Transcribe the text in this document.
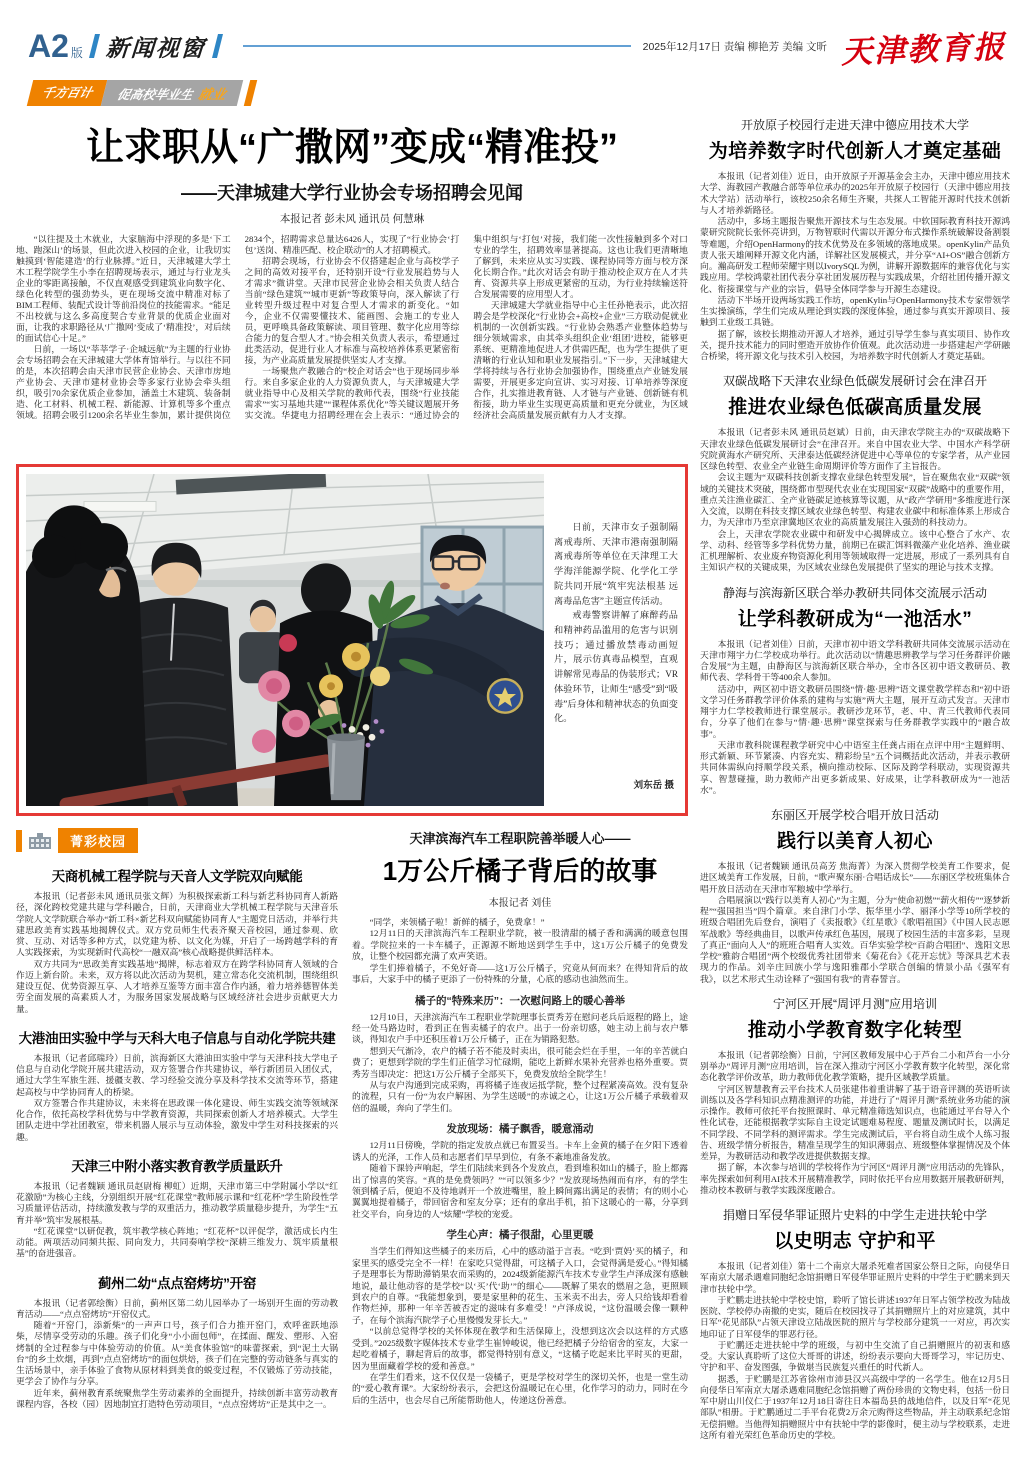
A2 版 新闻视窗	2025年12月17日 责编 柳艳芳 美编 文昕 天津教育报
千方百计	促高校毕业生 就业
让求职从“广撒网”变成“精准投”
——天津城建大学行业协会专场招聘会见闻
本报记者 彭未风 通讯员 何慧琳

“以往提及土木就业，大家脑海中浮现的多是‘下工地、跑深山’的场景，但此次进入校园的企业，让我切实触摸到‘智能建造’的行业脉搏。”近日，天津城建大学土木工程学院学生小李在招聘现场表示，通过与行业龙头企业的零距离接触，不仅直观感受到建筑业向数字化、绿色化转型的强劲势头，更在现场交流中精准对标了BIM工程师、装配式设计等前沿岗位的技能需求。“能足不出校就与这么多高度契合专业背景的优质企业面对面，让我的求职路径从‘广撒网’变成了‘精准投’，对后续的面试信心十足。”

日前，一场以“莘莘学子·企城远航”为主题的行业协会专场招聘会在天津城建大学体育馆举行。与以往不同的是，本次招聘会由天津市民营企业协会、天津市房地产业协会、天津市建材业协会等多家行业协会牵头组织，吸引70余家优质企业参加，涵盖土木建筑、装备制造、化工材料、机械工程、新能源、计算机等多个重点领域。招聘会吸引1200余名毕业生参加，累计提供岗位2834个，招聘需求总量达6426人，实现了“行业协会‘打包’送岗、精准匹配、校企联动”的人才招聘模式。

招聘会现场，行业协会不仅搭建起企业与高校学子之间的高效对接平台，还特别开设“行业发展趋势与人才需求”微讲堂。天津市民营企业协会相关负责人结合当前“绿色建筑”“城市更新”等政策导向，深入解读了行业转型升级过程中对复合型人才需求的新变化。“如今，企业不仅需要懂技术、能画图、会施工的专业人员，更呼唤具备政策解读、项目管理、数字化应用等综合能力的复合型人才。”协会相关负责人表示，希望通过此类活动，促进行业人才标准与高校培养体系更紧密衔接，为产业高质量发展提供坚实人才支撑。

一场聚焦产教融合的“校企对话会”也于现场同步举行。来自多家企业的人力资源负责人，与天津城建大学就业指导中心及相关学院的教师代表，围绕“行业技能需求”“实习基地共建”“课程体系优化”等关键议题展开务实交流。华捷电力招聘经理在会上表示：“通过协会的集中组织与‘打包’对接，我们能一次性接触到多个对口专业的学生，招聘效率显著提高。这也让我们更清晰地了解到，未来应从实习实践、课程协同等方面与校方深化长期合作。”此次对话会有助于推动校企双方在人才共育、资源共享上形成更紧密的互动，为行业持续输送符合发展需要的应用型人才。

天津城建大学就业指导中心主任孙艳表示，此次招聘会是学校深化“行业协会+高校+企业”三方联动促就业机制的一次创新实践。“行业协会熟悉产业整体趋势与细分领域需求，由其牵头组织企业‘组团’进校，能够更系统、更精准地促进人才供需匹配，也为学生提供了更清晰的行业认知和职业发展指引。”下一步，天津城建大学将持续与各行业协会加强协作，围绕重点产业链发展需要，开展更多定向宣讲、实习对接、订单培养等深度合作，扎实推进教育链、人才链与产业链、创新链有机衔接，助力毕业生实现更高质量和更充分就业，为区域经济社会高质量发展贡献有力人才支撑。

日前，天津市女子强制隔离戒毒所、天津市港南强制隔离戒毒所等单位在天津理工大学海洋能源学院、化学化工学院共同开展“筑牢宪法根基 远离毒品危害”主题宣传活动。

戒毒警察讲解了麻醉药品和精神药品滥用的危害与识别技巧；通过播放禁毒动画短片，展示仿真毒品模型，直观讲解常见毒品的伪装形式；VR体验环节，让师生“感受”到“吸毒”后身体和精神状态的负面变化。

刘东岳 摄
菁彩校园
天商机械工程学院与天音人文学院双向赋能

本报讯（记者彭未风 通讯员张文辉）为积极探索新工科与新艺科协同育人新路径，深化跨校党建共建与学科融合，日前，天津商业大学机械工程学院与天津音乐学院人文学院联合举办“新工科×新艺科双向赋能协同育人”主题党日活动，并举行共建思政美育实践基地揭牌仪式。双方党员师生代表齐聚天音校园，通过参观、欣赏、互动、对话等多种方式，以党建为桥、以文化为媒，开启了一场跨越学科的育人实践探索，为实现新时代高校“一融双高”核心战略提供鲜活样本。

双方共同为“思政美育实践基地”揭牌，标志着双方在跨学科协同育人领域的合作迈上新台阶。未来，双方将以此次活动为契机，建立常态化交流机制，围绕组织建设互促、优势资源互享、人才培养互鉴等方面丰富合作内涵，着力培养德智体美劳全面发展的高素质人才，为服务国家发展战略与区域经济社会进步贡献更大力量。

大港油田实验中学与天科大电子信息与自动化学院共建

本报讯（记者邱瑞玲）日前，滨海新区大港油田实验中学与天津科技大学电子信息与自动化学院开展共建活动，双方签署合作共建协议，举行新团员入团仪式，通过大学生军旅生涯、援疆支教、学习经验交流分享及科学技术交流等环节，搭建起高校与中学协同育人的桥梁。

双方签署合作共建协议，未来将在思政课一体化建设、师生实践交流等领域深化合作，依托高校学科优势与中学教育资源，共同探索创新人才培养模式。大学生团队走进中学社团教室，带来机器人展示与互动体验，激发中学生对科技探索的兴趣。

天津三中附小落实教育教学质量跃升

本报讯（记者魏颖 通讯员赵尉梅 柳虹）近期，天津市第三中学附属小学以“红花激励”为核心主线，分别组织开展“红花课堂”教师展示课和“红花杯”学生阶段性学习质量评估活动，持续激发教与学的双重活力，推动教学质量稳步提升，为学生“五育并举”筑牢发展根基。

“红花课堂”以研促教，筑牢教学核心阵地；“红花杯”以评促学，激活成长内生动能。两项活动同频共振、同向发力，共同奏响学校“深耕三维发力、筑牢质量根基”的奋进强音。

蓟州二幼“点点窑烤坊”开窑

本报讯（记者郭绘衡）日前，蓟州区第二幼儿园举办了一场别开生面的劳动教育活动——“点点窑烤坊”开窑仪式。

随着“开窑门，添新柴”的一声声口号，孩子们合力推开窑门，欢呼雀跃地添柴，尽情享受劳动的乐趣。孩子们化身“小小面包师”，在揉面、醒发、塑形、入窑烤制的全过程参与中体验劳动的价值。从“美食体验馆”的味蕾探索，到“泥土大锅台”的乡土炊烟，再到“点点窑烤坊”的面包烘焙，孩子们在完整的劳动链条与真实的生活场景中，亲手体验了食物从原材料到美食的蜕变过程，不仅锻炼了劳动技能，更学会了协作与分享。

近年来，蓟州教育系统聚焦学生劳动素养的全面提升，持续创新丰富劳动教育课程内容，各校（园）因地制宜打造特色劳动项目，“点点窑烤坊”正是其中之一。

天津滨海汽车工程职院善举暖人心——
1万公斤橘子背后的故事
本报记者 刘佳

“同学，来领橘子啦！新鲜的橘子，免费拿！”

12月11日的天津滨海汽车工程职业学院，被一股清甜的橘子香和满满的暖意包围着。学院拉来的一卡车橘子，正源源不断地送到学生手中，这1万公斤橘子的免费发放，让整个校园都充满了欢声笑语。

学生们捧着橘子，不免好奇——这1万公斤橘子，究竟从何而来？在得知背后的故事后，大家手中的橘子更添了一份特殊的分量，心底的感动也油然而生。

橘子的“特殊来历”：一次慰问路上的暖心善举

12月10日，天津滨海汽车工程职业学院理事长贾秀芳在慰问老兵后返程的路上，途经一处马路边时，看到正在售卖橘子的农户。出于一份亲切感，她主动上前与农户攀谈，得知农户手中还积压着1万公斤橘子，正在为销路犯愁。

想到天气渐冷，农户的橘子若不能及时卖出，很可能会烂在手里，一年的辛苦就白费了；更想到学院的学生们正值学习忙碌期，能吃上新鲜水果补充营养也格外重要。贾秀芳当即决定：把这1万公斤橘子全部买下，免费发放给全院学生！

从与农户沟通到完成采购，再将橘子连夜运抵学院，整个过程紧凑高效。没有复杂的流程，只有一份“为农户解困、为学生送暖”的赤诚之心，让这1万公斤橘子承载着双倍的温暖，奔向了学生们。

发放现场：橘子飘香，暖意涌动

12月11日傍晚，学院的指定发放点就已布置妥当。卡车上金黄的橘子在夕阳下透着诱人的光泽，工作人员和志愿者们早早到位，有条不紊地准备发放。

随着下课铃声响起，学生们陆续来到各个发放点，看到堆积如山的橘子，脸上都露出了惊喜的笑容。“真的是免费领吗？”“可以领多少？”发放现场热闹而有序，有的学生领到橘子后，便迫不及待地剥开一个放进嘴里，脸上瞬间露出满足的表情；有的则小心翼翼地提着橘子，带回宿舍和室友分享；还有的拿出手机，拍下这暖心的一幕，分享到社交平台，向身边的人“炫耀”学校的宠爱。

学生心声：橘子很甜，心里更暖

当学生们得知这些橘子的来历后，心中的感动溢于言表。“吃到‘贾妈’买的橘子，和家里买的感受完全不一样！在家吃只觉得甜，可这橘子入口，会觉得满是爱心。”得知橘子是理事长为帮助滞销果农而采购的，2024级新能源汽车技术专业学生卢泽成深有感触地说，最让他动容的是学校“以‘买’代‘助’”的细心——既解了果农的燃眉之急，更照顾到农户的自尊。“我能想象到，要是家里种的花生、玉米卖不出去，旁人只给钱却看着作物烂掉，那种一年辛苦被否定的滋味有多难受！”卢泽成说，“这份温暖会像一颗种子，在每个滨海汽院学子心里慢慢发芽长大。”

“以前总觉得学校的关怀体现在教学和生活保障上，没想到这次会以这样的方式感受到。”2025级数字媒体技术专业学生崔钟峻说，他已经把橘子分给宿舍的室友，大家一起吃着橘子，聊起背后的故事，都觉得特别有意义，“这橘子吃起来比平时买的更甜，因为里面藏着学校的爱和善意。”

在学生们看来，这不仅仅是一袋橘子，更是学校对学生的深切关怀，也是一堂生动的“爱心教育课”。大家纷纷表示，会把这份温暖记在心里，化作学习的动力，同时在今后的生活中，也会尽自己所能帮助他人，传递这份善意。

开放原子校园行走进天津中德应用技术大学
为培养数字时代创新人才奠定基础

本报讯（记者刘佳）近日，由开放原子开源基金会主办，天津中德应用技术大学、海教园产教融合部等单位承办的2025年开放原子校园行（天津中德应用技术大学站）活动举行，该校250余名师生齐聚，共探人工智能开源时代技术创新与人才培养新路径。

活动中，多场主题报告聚焦开源技术与生态发展。中软国际教育科技开源鸿蒙研究院院长张怀亮讲到，万物智联时代需以开源分布式操作系统破解设备割裂等难题，介绍OpenHarmony的技术优势及在多领域的落地成果。openKylin产品负责人张天雄阐释开源文化内涵，详解社区发展模式，并分享“AI+OS”融合创新方向。瀚高研发工程师荣耀宇则以IvorySQL为例，讲解开源数据库的兼容优化与实践应用。学校鸿蒙社团代表分享社团发展历程与实践成果，介绍社团传播开源文化、衔接课堂与产业的宗旨，倡导全体同学参与开源生态建设。

活动下半场开设两场实践工作坊，openKylin与OpenHarmony技术专家带领学生实操演练，学生们完成从理论到实践的深度体验，通过参与真实开源项目、接触到工业级工具链。

据了解，该校长期推动开源人才培养，通过引导学生参与真实项目、协作攻关，提升技术能力的同时塑造开放协作价值观。此次活动进一步搭建起产学研融合桥梁，将开源文化与技术引入校园，为培养数字时代创新人才奠定基础。

双碳战略下天津农业绿色低碳发展研讨会在津召开
推进农业绿色低碳高质量发展

本报讯（记者彭未风 通讯员赵斌）日前，由天津农学院主办的“双碳战略下天津农业绿色低碳发展研讨会”在津召开。来自中国农业大学、中国水产科学研究院黄海水产研究所、天津泰达低碳经济促进中心等单位的专家学者，从产业园区绿色转型、农业全产业链生命周期评价等方面作了主旨报告。

会议主题为“双碳科技创新支撑农业绿色转型发展”，旨在聚焦农业“双碳”领域的关键技术突破，围绕都市型现代农业在实现国家“双碳”战略中的重要作用，重点关注渔业碳汇、全产业链碳足迹核算等议题，从“政产学研用”多维度进行深入交流，以期在科技支撑区域农业绿色转型、构建农业碳中和标准体系上形成合力，为天津市乃至京津冀地区农业的高质量发展注入强劲的科技动力。

会上，天津农学院农业碳中和研发中心揭牌成立。该中心整合了水产、农学、动科、经管等多学科优势力量，前期已在碳汇饵料微藻产业化培养、渔业碳汇机理解析、农业废弃物资源化利用等领域取得一定进展，形成了一系列具有自主知识产权的关键成果，为区域农业绿色发展提供了坚实的理论与技术支撑。

静海与滨海新区联合举办教研共同体交流展示活动
让学科教研成为“一池活水”

本报讯（记者刘佳）日前，天津市初中语文学科教研共同体交流展示活动在天津市翔宇力仁学校成功举行。此次活动以“情趣思辨教学与学习任务群评价融合发展”为主题，由静海区与滨海新区联合举办，全市各区初中语文教研员、教师代表、学科骨干等400余人参加。

活动中，两区初中语文教研员围绕“情·趣·思辨”语文课堂教学样态和“初中语文学习任务群教学评价体系的建构与实施”两大主题，展开互动式发言。天津市翔宇力仁学校教师进行课堂展示。教研沙龙环节，老、中、青三代教师代表同台，分享了他们在参与“情·趣·思辨”课堂探索与任务群教学实践中的“融合故事”。

天津市教科院课程教学研究中心中语室主任龚占雨在点评中用“主题鲜明、形式新颖、环节紧凑、内容充实、精彩纷呈”五个词概括此次活动，并表示教研共同体需纵向捋顺学段关系，横向推动校际、区际及跨学科联动，实现资源共享、智慧碰撞，助力教师产出更多新成果、好成果，让学科教研成为“一池活水”。

东丽区开展学校合唱开放日活动
践行以美育人初心

本报讯（记者魏颖 通讯员高芳 焦海菁）为深入贯彻学校美育工作要求，促进区域美育工作发展，日前，“歌声聚东丽·合唱话成长”——东丽区学校班集体合唱开放日活动在天津市军粮城中学举行。

合唱展演以“践行以美育人初心”为主题，分为“使命初燃”“薪火相传”“逐梦新程”“强国担当”四个篇章。来自津门小学、振华里小学、丽泽小学等10所学校的班级合唱团先后登台，演唱了《卖报歌》《红星歌》《歌唱祖国》《中国人民志愿军战歌》等经典曲目，以歌声传承红色基因，展现了校园生活的丰富多彩，呈现了真正“面向人人”的班班合唱育人实效。百华实验学校“百韵合唱团”、逸阳文思学校“雅韵合唱团”两个校级优秀社团带来《菊花台》《花开忘忧》等深具艺术表现力的作品。刘辛庄回族小学与逸阳雅郡小学联合创编的情景小品《强军有我》，以艺术形式生动诠释了“强国有我”的青春誓言。

宁河区开展“周评月测”应用培训
推动小学教育数字化转型

本报讯（记者郭绘衡）日前，宁河区教师发展中心于芦台二小和芦台一小分别举办“周评月测”应用培训，旨在深入推动宁河区小学教育数字化转型，深化常态化教学评价改革，助力教师优化教学策略，提升区域教学质量。

宁河区智慧教育云平台技术人员张建伟着重讲解了基于语音评测的英语听读训练以及各学科知识点精准测评的功能，并进行了“周评月测”系统业务功能的演示操作。教师可依托平台按照课时、单元精准筛选知识点，也能通过平台导入个性化试卷，还能根据教学实际自主设定试题难易程度、题量及测试时长，以满足不同学段、不同学科的测评需求。学生完成测试后，平台将自动生成个人练习报告、班级学情分析报告，精准呈现学生的知识薄弱点、班级整体掌握情况及个体差异，为教研活动和教学改进提供数据支撑。

据了解，本次参与培训的学校将作为宁河区“周评月测”应用活动的先锋队，率先探索如何利用AI技术开展精准教学，同时依托平台应用数据开展教研研判，推动校本教研与教学实践深度融合。

捐赠日军侵华罪证照片史料的中学生走进扶轮中学
以史明志 守护和平

本报讯（记者刘佳）第十二个南京大屠杀死难者国家公祭日之际，向侵华日军南京大屠杀遇难同胞纪念馆捐赠日军侵华罪证照片史料的中学生于贮鹏来到天津市扶轮中学。

于贮鹏走进扶轮中学校史馆，聆听了馆长讲述1937年日军占领学校改为陆战医院、学校停办南撤的史实，随后在校园找寻了其捐赠照片上的对应建筑，其中日军“花见部队”占领天津设立陆战医院的照片与学校部分建筑一一对应，再次实地印证了日军侵华的罪恶行径。

于贮鹏还走进扶轮中学的班级，与初中生交流了自己捐赠照片的初衷和感受。大家认真聆听了这位大哥哥的讲述，纷纷表示要向大哥哥学习，牢记历史、守护和平、奋发图强，争做堪当民族复兴重任的时代新人。

据悉，于贮鹏是江苏省徐州市沛县汉兴高级中学的一名学生。他在12月5日向侵华日军南京大屠杀遇难同胞纪念馆捐赠了两份珍贵的文物史料，包括一份日军中尉山川仪仁于1937年12月18日寄往日本福岛县的战地信件，以及日军“花见部队”相册。于贮鹏通过二手平台花费2万余元购得这些物品，并主动联系纪念馆无偿捐赠。当他得知捐赠照片中有扶轮中学的影像时，便主动与学校联系，走进这所有着光荣红色革命历史的学校。
